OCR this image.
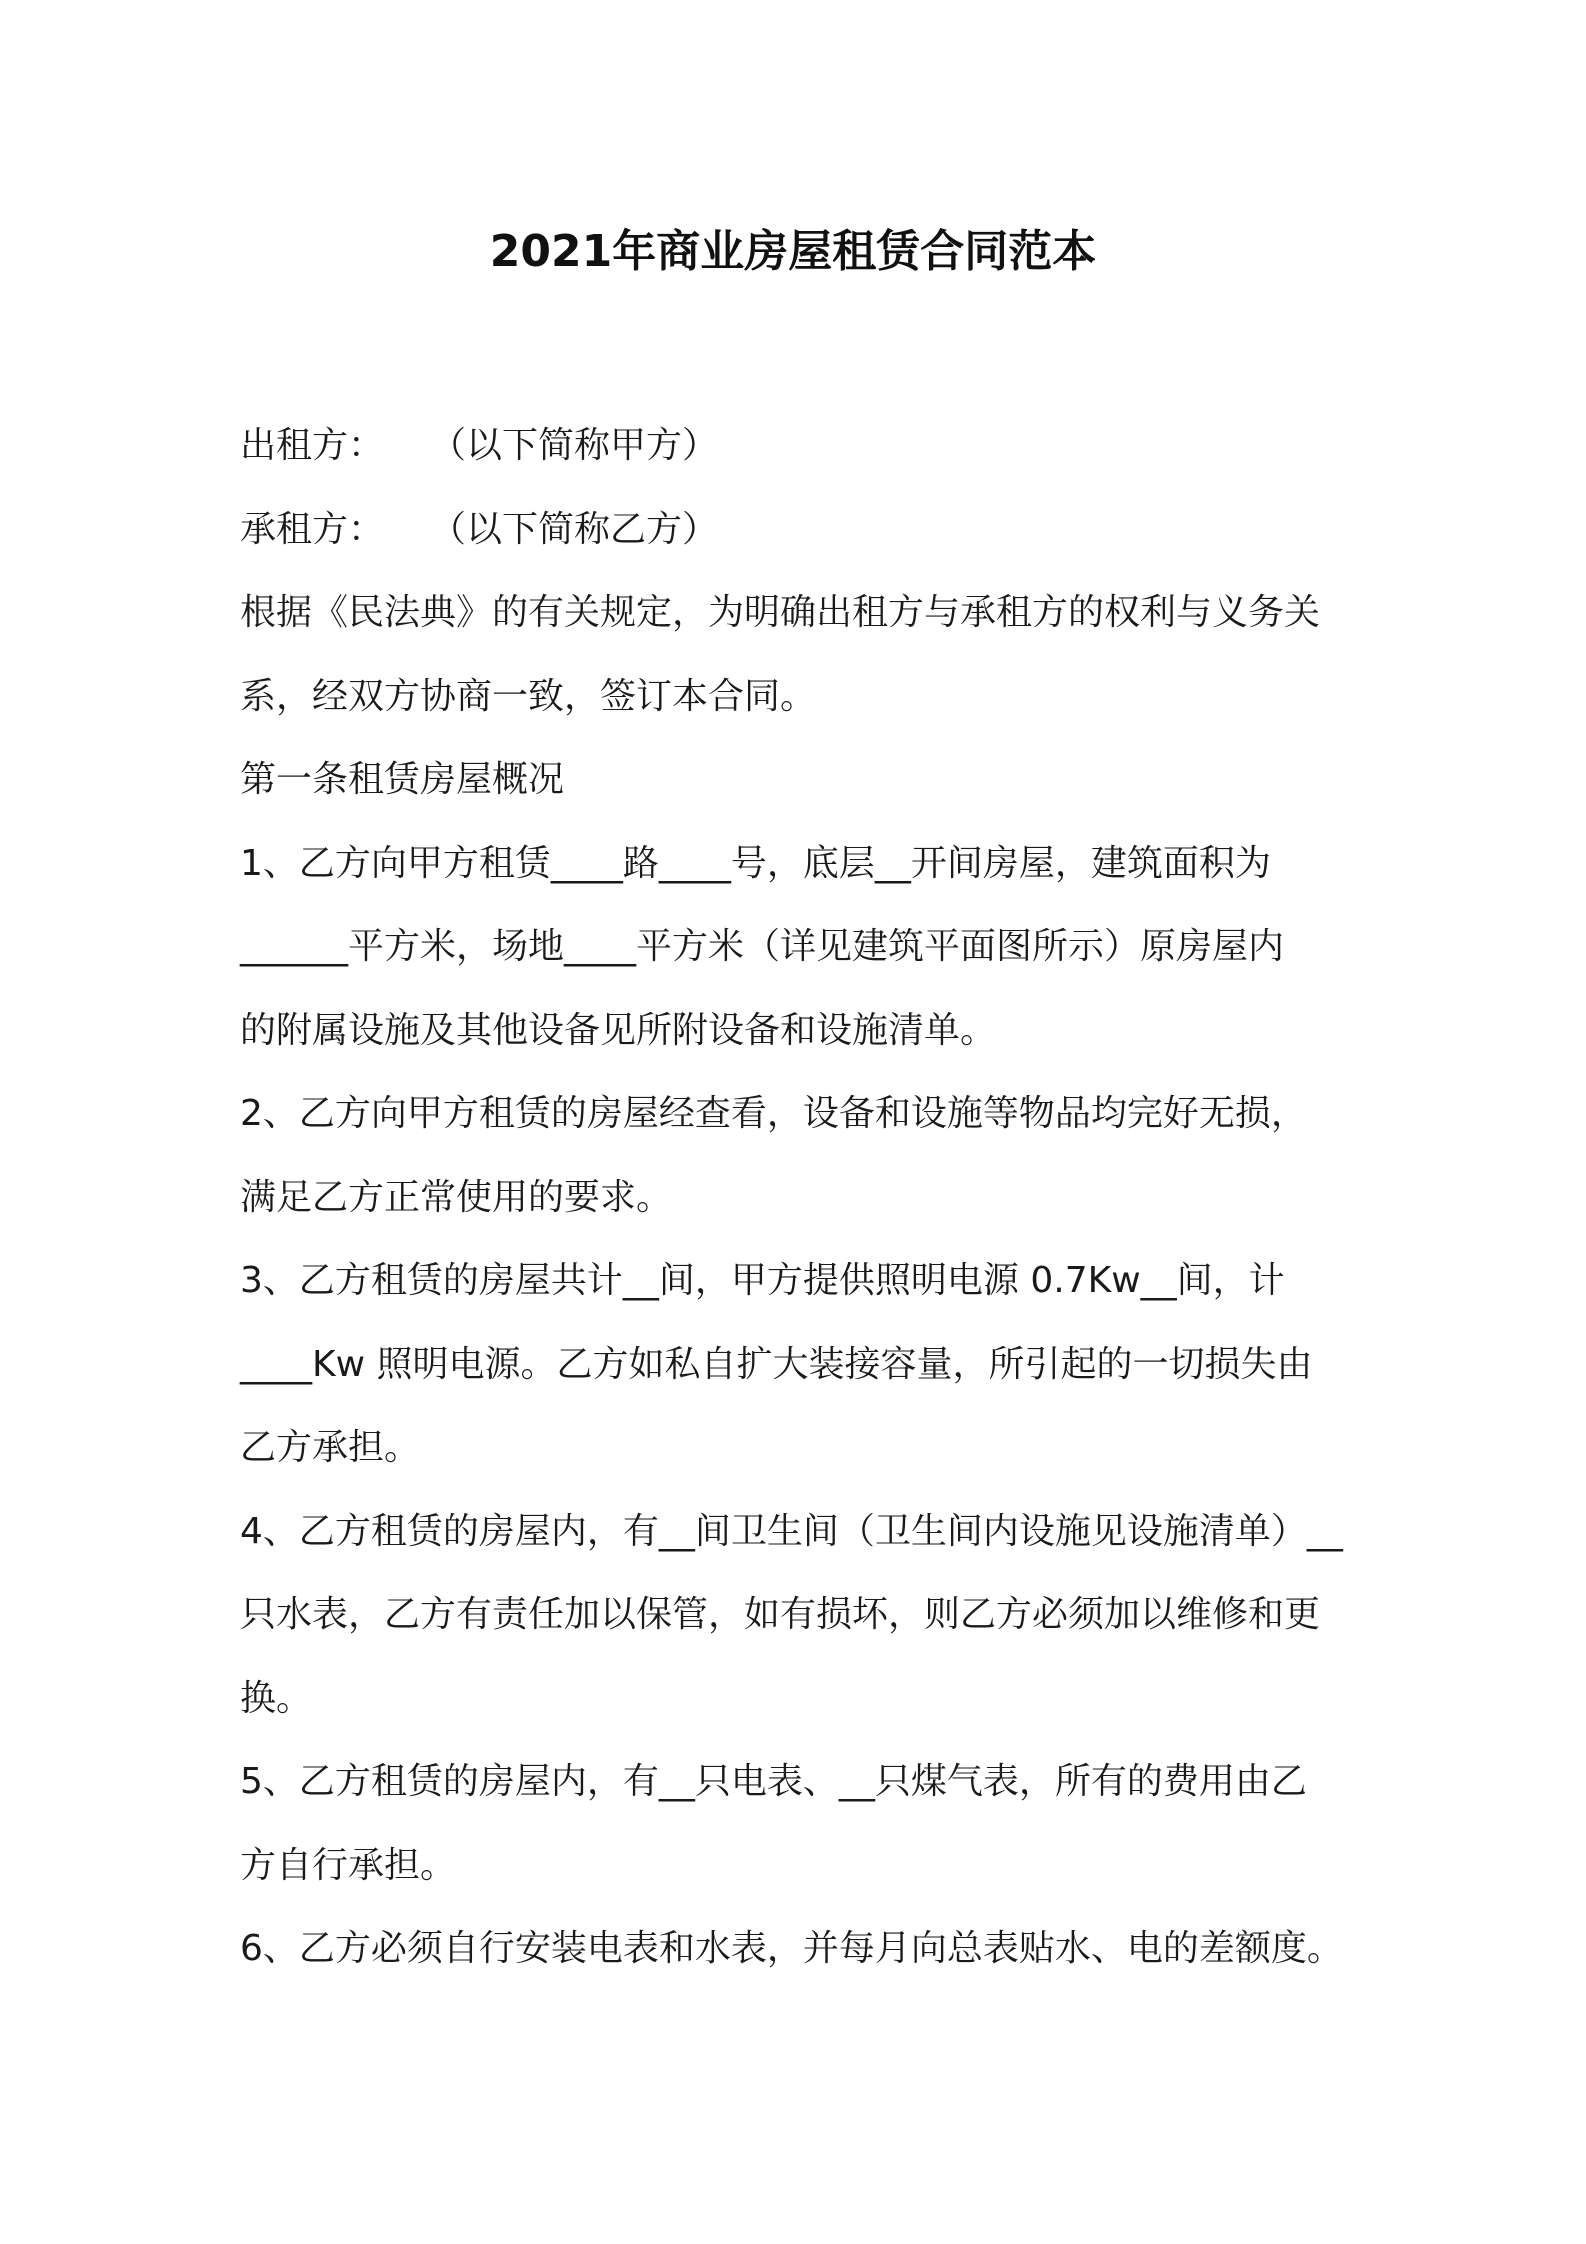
2021年商业房屋租赁合同范本
出租方： （以下简称甲方）
承租方： （以下简称乙方）
根据《民法典》的有关规定，为明确出租方与承租方的权利与义务关
系，经双方协商一致，签订本合同。
第一条租赁房屋概况
1、乙方向甲方租赁____路____号，底层__开间房屋，建筑面积为
______平方米，场地____平方米（详见建筑平面图所示）原房屋内
的附属设施及其他设备见所附设备和设施清单。
2、乙方向甲方租赁的房屋经查看，设备和设施等物品均完好无损，
满足乙方正常使用的要求。
3、乙方租赁的房屋共计__间，甲方提供照明电源 0.7Kw__间，计
____Kw 照明电源。乙方如私自扩大装接容量，所引起的一切损失由
乙方承担。
4、乙方租赁的房屋内，有__间卫生间（卫生间内设施见设施清单）__
只水表，乙方有责任加以保管，如有损坏，则乙方必须加以维修和更
换。
5、乙方租赁的房屋内，有__只电表、__只煤气表，所有的费用由乙
方自行承担。
6、乙方必须自行安装电表和水表，并每月向总表贴水、电的差额度。
